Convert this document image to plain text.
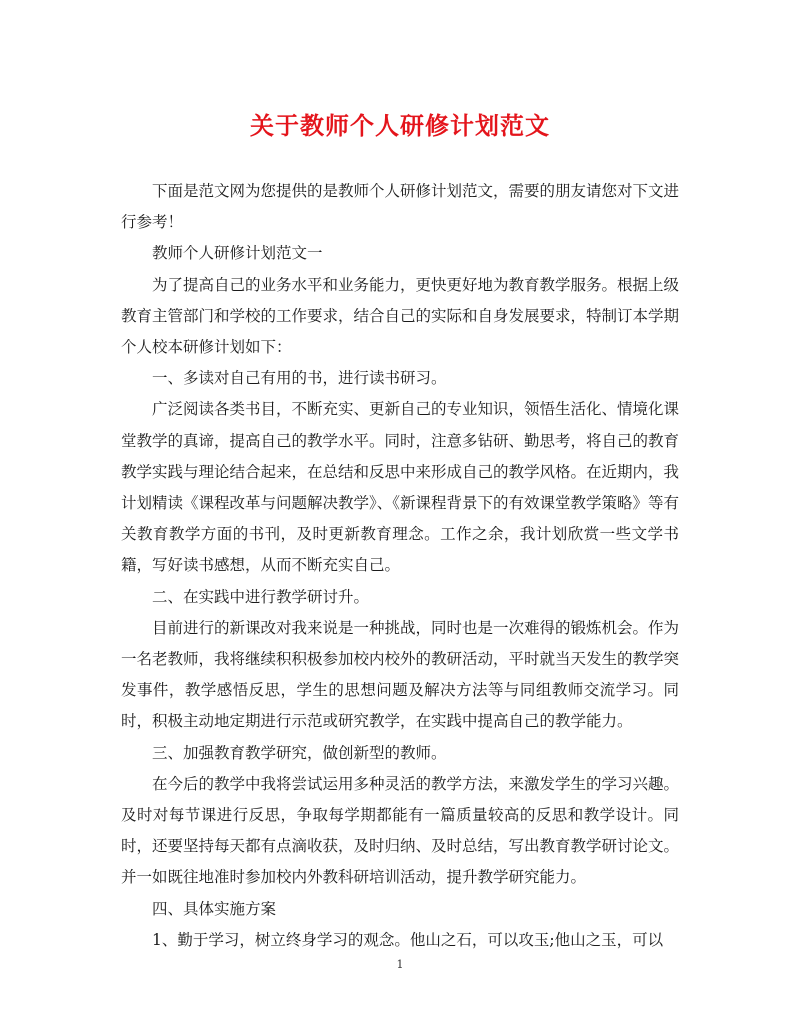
关于教师个人研修计划范文

下面是范文网为您提供的是教师个人研修计划范文，需要的朋友请您对下文进行参考！

教师个人研修计划范文一

为了提高自己的业务水平和业务能力，更快更好地为教育教学服务。根据上级教育主管部门和学校的工作要求，结合自己的实际和自身发展要求，特制订本学期个人校本研修计划如下：

一、多读对自己有用的书，进行读书研习。

广泛阅读各类书目，不断充实、更新自己的专业知识，领悟生活化、情境化课堂教学的真谛，提高自己的教学水平。同时，注意多钻研、勤思考，将自己的教育教学实践与理论结合起来，在总结和反思中来形成自己的教学风格。在近期内，我计划精读《课程改革与问题解决教学》、《新课程背景下的有效课堂教学策略》等有关教育教学方面的书刊，及时更新教育理念。工作之余，我计划欣赏一些文学书籍，写好读书感想，从而不断充实自己。

二、在实践中进行教学研讨升。

目前进行的新课改对我来说是一种挑战，同时也是一次难得的锻炼机会。作为一名老教师，我将继续积积极参加校内校外的教研活动，平时就当天发生的教学突发事件，教学感悟反思，学生的思想问题及解决方法等与同组教师交流学习。同时，积极主动地定期进行示范或研究教学，在实践中提高自己的教学能力。

三、加强教育教学研究，做创新型的教师。

在今后的教学中我将尝试运用多种灵活的教学方法，来激发学生的学习兴趣。及时对每节课进行反思，争取每学期都能有一篇质量较高的反思和教学设计。同时，还要坚持每天都有点滴收获，及时归纳、及时总结，写出教育教学研讨论文。并一如既往地准时参加校内外教科研培训活动，提升教学研究能力。

四、具体实施方案

1、勤于学习，树立终身学习的观念。他山之石，可以攻玉;他山之玉，可以

1
